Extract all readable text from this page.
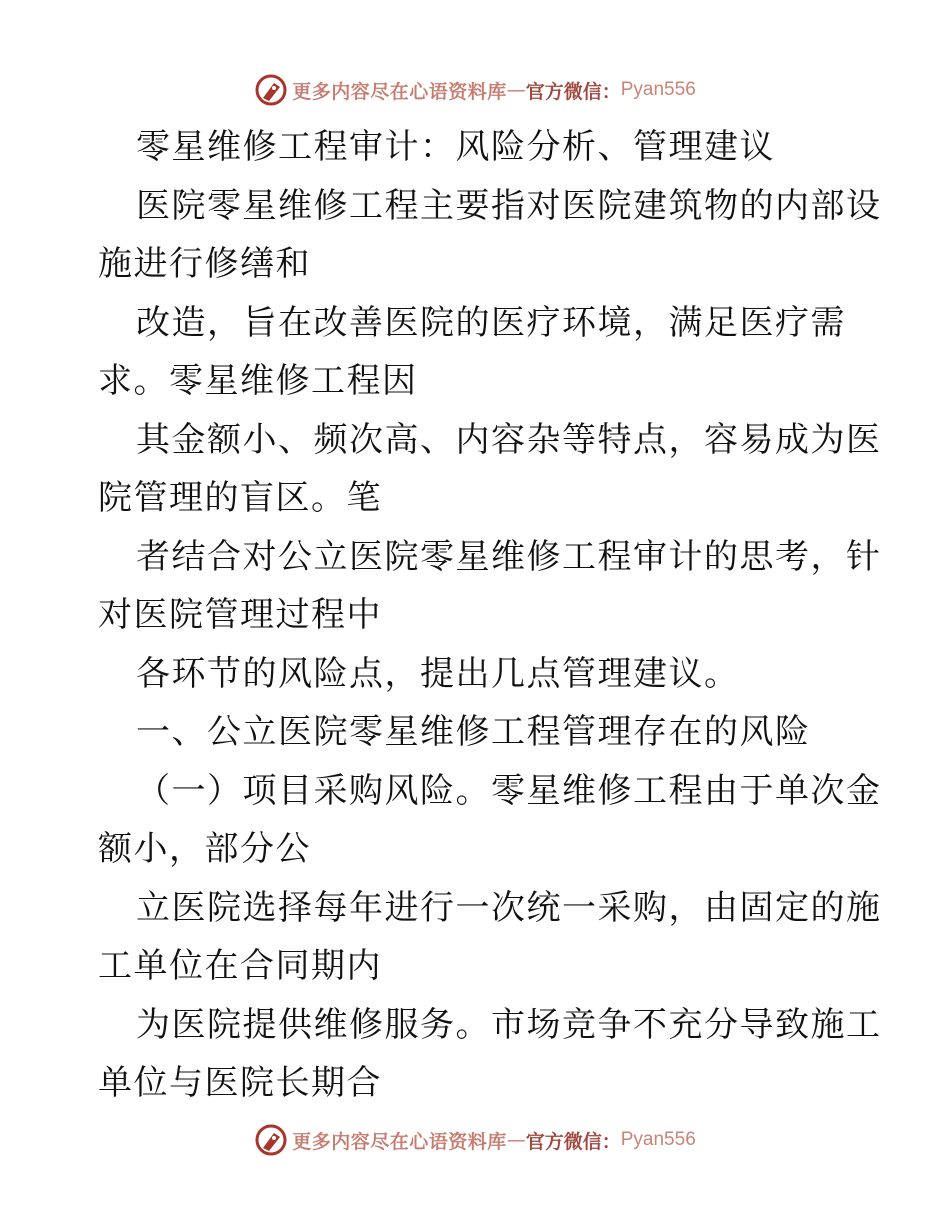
更多内容尽在心语资料库 — 官方微信： Pyan556
零星维修工程审计：风险分析、管理建议
医院零星维修工程主要指对医院建筑物的内部设
施进行修缮和
改造，旨在改善医院的医疗环境，满足医疗需
求。零星维修工程因
其金额小、频次高、内容杂等特点，容易成为医
院管理的盲区。笔
者结合对公立医院零星维修工程审计的思考，针
对医院管理过程中
各环节的风险点，提出几点管理建议。
一、公立医院零星维修工程管理存在的风险
（一）项目采购风险。零星维修工程由于单次金
额小，部分公
立医院选择每年进行一次统一采购，由固定的施
工单位在合同期内
为医院提供维修服务。市场竞争不充分导致施工
单位与医院长期合
更多内容尽在心语资料库 — 官方微信： Pyan556
